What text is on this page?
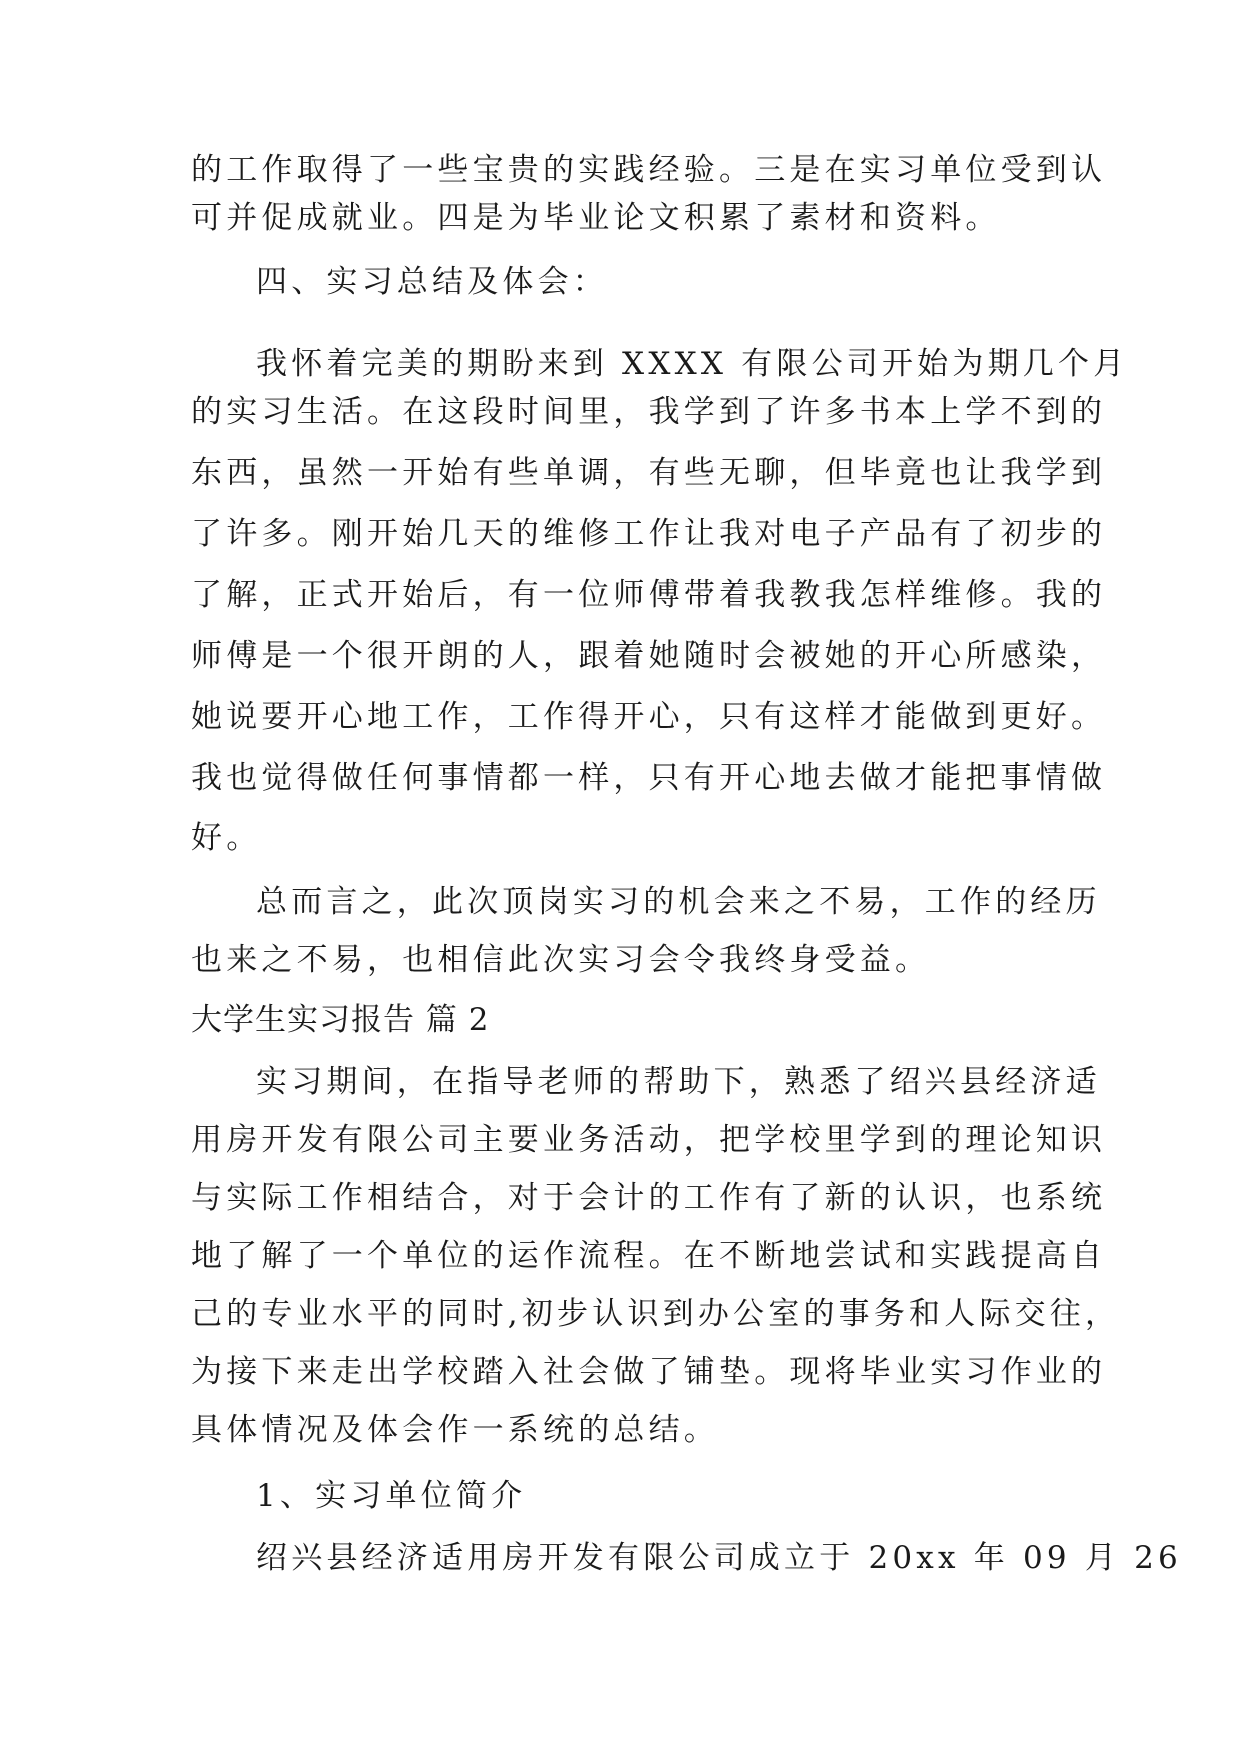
的工作取得了一些宝贵的实践经验。三是在实习单位受到认
可并促成就业。四是为毕业论文积累了素材和资料。
四、实习总结及体会：
我怀着完美的期盼来到 XXXX 有限公司开始为期几个月
的实习生活。在这段时间里，我学到了许多书本上学不到的
东西，虽然一开始有些单调，有些无聊，但毕竟也让我学到
了许多。刚开始几天的维修工作让我对电子产品有了初步的
了解，正式开始后，有一位师傅带着我教我怎样维修。我的
师傅是一个很开朗的人，跟着她随时会被她的开心所感染，
她说要开心地工作，工作得开心，只有这样才能做到更好。
我也觉得做任何事情都一样，只有开心地去做才能把事情做
好。
总而言之，此次顶岗实习的机会来之不易，工作的经历
也来之不易，也相信此次实习会令我终身受益。
大学生实习报告 篇 2
实习期间，在指导老师的帮助下，熟悉了绍兴县经济适
用房开发有限公司主要业务活动，把学校里学到的理论知识
与实际工作相结合，对于会计的工作有了新的认识，也系统
地了解了一个单位的运作流程。在不断地尝试和实践提高自
己的专业水平的同时,初步认识到办公室的事务和人际交往，
为接下来走出学校踏入社会做了铺垫。现将毕业实习作业的
具体情况及体会作一系统的总结。
1、实习单位简介
绍兴县经济适用房开发有限公司成立于 20xx 年 09 月 26
